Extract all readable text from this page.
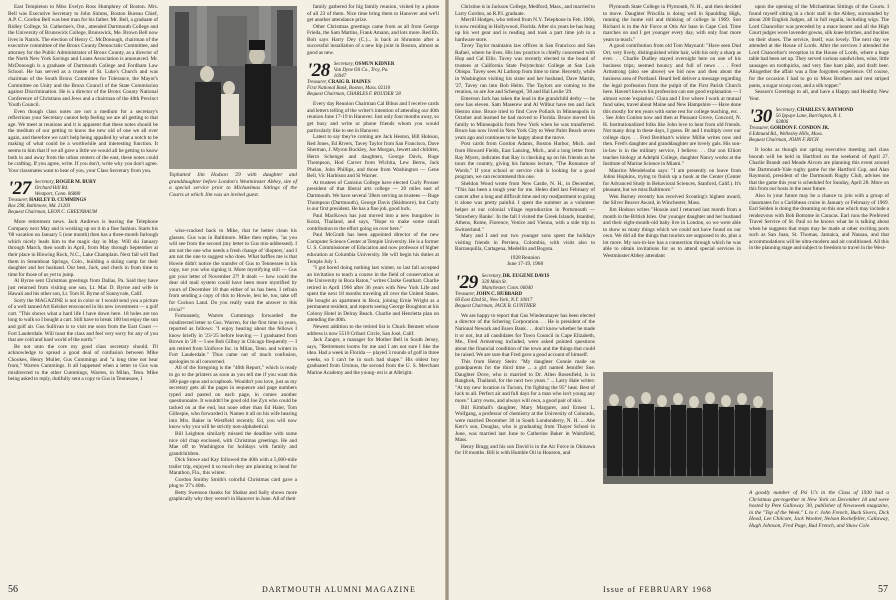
East Templeton to Miss Evelyn Ross Humphrey of Boston. Mrs. Bell was Executive Secretary to John Simms, Boston Bureau Chief, A.P. C. Gordon Bell was best man for his father. Mr. Bell, a graduate of Ridley College, St. Catherine's, Ont., attended Dartmouth College and the University of Brunswick College, Brunswick, Me. Brown Bell now lives in Natick. The election of Henry C. McDonough, chairman of the executive committee of the Bronx County Democratic Committee, and attorney for the Public Administrator of Bronx County, as a director of the North New York Savings and Loans Association is announced. Mr. McDonough is a graduate of Dartmouth College and Fordham Law School. He has served as a trustee of St. Luke's Church and was chairman of the South Bronx Committee for Tolerance, the Mayor's Committee on Unity and the Bronx Council of the State Commission against Discrimination. He is a director of the Bronx County National Conference of Christians and Jews and a chairman of the 40th Precinct Youth Council.

Even though class notes are not a medium for a secretary's reflections your Secretary cannot help feeling we are all getting to that age. We meet at reunions and it is apparent that these notes should be the medium of our getting to know the new old of one we all over again, and therefore we can't help being appalled by what a notch to be making of what could be a worthwhile and interesting function. It seems to him that if we all gave a little we would all be getting to know both in and away from the urban centers of the east, these notes could be crafting. If you agree, write. If you don't, write why you don't agree. Your classmates want to hear of you, your Class Secretary from you.

'27 Secretary, ROGER M. BURY
Orchard Hill Rd.
Westport, Conn. 06880
Treasurer, HARLEY D. CUMMINGS
Box 298, Baltimore, Md. 21203
Bequest Chairman, LEON C. GREENBAUM

More retirement news. Jack Andrews is leaving the Telephone Company next May and is working up on it in a fine fashion. Starts his '68 vacation on January 5 (one month) then has a three-month furlough which nicely leads him to the magic day in May. Will ski January through March, then south in April, from May through September at their place in Blowing Rock, N.C., Lake Champlain. Next fall will find them in Steamboat Springs, Colo., building a skiing camp for their daughter and her husband. Our best, Jack, and check in from time to time for those of us yet to jump.

Al Byrne sent Christmas greetings from Dallas, Pa. Said they have just returned from visiting one son, Lt. Mac D. Byrne and wife in Hawaii and his other son, Lt. Tom H. Byrne of Sunnyvale, Calif.

Sorry the MAGAZINE is not in color or I would send you a picture of a well tanned Art Kelsher ensconced in his new investment — a golf cart. "This shows what a hard life I have down here. 18 holes are too long to walk so I bought a cart. Still have to break 100 but enjoy the sun and golf air. Gus Sullivan is to visit me soon from the East Coast — Fort Lauderdale. Will toast the class and feel very sorry for any of you that are cold and hard world of the north."

Be not unto the core my good class secretary should. I'll acknowledge to spread a good deal of confusion between Mike Chookes, Henry Muller, Gus Cummings and "a long time not hear from," Warren Cummings. It all happened when a letter to Gus was misdirected to the other Cummings, Warren, in Milan, Tenn. Mike being asked to reply, dutifully sent a copy to Gus in Tennessee, I

Tophatted Jim Hodson '29 with daughter and granddaughter before London's Westminster Abbey, site of a special service prior to Michaelmas Sittings of the Courts at which Jim was an invited guest.

wise-cracked back to Mike, that he better clean his glasses. Gus was in Baltimore. Mike then replies, "as you will see from the second (my letter to Gus mis-addressed). I am not the one who needs a fresh change of 'diopters,' and I am not the one to suggest who does. What baffles me is that Howie didn't notice the transfer of Gus to Tennessee in his copy, nor you who signing it. More mystifying still — Gus got your letter of November 27! It dealt — how could the dear old mail system could have been more mystified by yours of December 18 than either of us has been. I refrain from sending a copy of this to Howie, lest he, too, take off for Cuckoo Land. Do you really want the answer to this trivia?"

Fortunately, Warren Cummings forwarded the misdirected letter to Gus. Warren, for the first time in years, reported as follows: "I enjoy hearing about the fellows I know briefly in '23-'25 before leaving — I graduated from Brown in '28 — I see Bob Gilboy in Chicago frequently — I am retired from Uniforce Inc. in Milan, Tenn. and winter in Fort Lauderdale." Thus came out of much confusion, apologies to all concerned.

All of the foregoing is the "40th Report," which is ready to go to the printers as soon as you tell me if you want this 300-page opus and scrapbook. Wouldn't you love, just as my secretary gets all the pages in sequence and page numbers typed and pasted on each page, in comes another questionnaire. It wouldn't be good old Joe Zyn who could be tacked on at the end, but none other than Ed Haier, Tom Gillespie, who forwarded it. Names it all on his wife hearing into Mrs. Baker in Westfield recently. Ed, you will now know why you will be strictly non-alphabetical.

Bill Leighton similarly missed the deadline with some nice old chap enclosed, with Christmas greetings. He and Mae off to Washington for holidays with family and grandchildren.

Dick Stowe and Kay followed the 40th with a 5,000-mile trailer trip, enjoyed it so much they are planning to head for Marathon, Fla., this winter.

Gordon Smithy Smith's colorful Christmas card gave a plug to '27's 40th.

Betty Swenson thanks for Shabar and Sally shows more graphically why they weren't in Hanover in June. All of their

family gathered for big family reunion, visited by a phone of all 23 of them. Nice time bring them to Hanover and we'll get another attendance prize.

Other Christmas greetings came from as all from George Frieda, the Sam Mattins, Frank Amann, and lots more. Red Eh. Bolt says Harry Dey (C.)... is back at Shrunton after a successful installation of a new hip joint in Boston, almost as good as new.

'28 Secretary, OSMUN KIDNER
Van Dyne Oil Co., Troy, Pa.
16947
Treasurer, CRAIG B. HAINES
First National Bank, Boston, Mass. 02110
Bequest Chairman, CHARLES F. ROUDER '28

Every day Reunion Chairman Cal Bibus and I receive cards and letters telling of the writer's intention of attending our 40th reunion June 17-19 in Hanover. Just only four months away, so get busy and write or phone friends whom you would particularly like to see in Hanover.

Latest to say they're coming are Jack Heston, Bill Hobson, Red Jones, Ed Rivers, Tavey Taylor from San Francisco, Dave Sherman, J. Myron Buckley, Joe Morgan, Jewett and children, Herm Schengel and daughters, George Davis, Ruge Thompson, Hod Carver from Wichita, Lew Berns, Jack Phelan, John Phillips, and those from Washington — Gene Bell, Vic Harbison and Si Warner.

At trustees of Canisius College have elected Curly Prosser president of that liberal arts college — 20 miles east of Dartmouth. We have several '28ers serving as trustees — Ruge Thompson (Dartmouth), George Davis (Skidmore), but Curly is our first president. He has a fine job, good luck.

Paul MacKown has just moved into a new bungalow in Korat, Thailand, and says, "Hope to make some small contribution to the effort going on over here."

Paul McGrath has been appointed director of the new Computer Science Center at Temple University. He is a former U. S. Commissioner of Education and now professor of higher education at Columbia University. He will begin his duties at Temple July 1.

"I got bored doing nothing last winter, so last fall accepted an invitation to teach a course in the field of conservation at the University in Boca Raton," writes Clarke Geathart. Charlie retired in April 1966 after 36 years with New York Life and spent the next 18 months traveling all over the United States. He bought an apartment in Boca, joining Ernie Wright as a permanent resident, and reports seeing George Boughton at his Colony Hotel in Delray Beach. Charlie and Henrietta plan on attending the 40th.

Newest addition to the retired list is Chuck Bennett whose address is now 5519 Cribari Circle, San José, Calif.

Jack Zanger, a manager for Mother Bell in South Jersey, says, "Retirement looms for me and I am not sure I like the idea. Had a week in Florida — played 3 rounds of golf in three weeks, so I can't be in such bad shape." His oldest boy graduated from Ursinus, the second from the U. S. Merchant Marine Academy and the young- est is at Albright.

56	DARTMOUTH ALUMNI MAGAZINE

Christine is in Jackson College, Medford, Mass., and married to Larry Gordon, an R.P.I. graduate.

Merrill Hodges, who retired from N.Y. Telephone in Feb. 1966, is now residing in Hollywood, Florida. After six years he has hung up his wet gear and is reading and took a part time job in a hardware store.

Tavey Taylor maintains law offices in San Francisco and San Rafael, where he lives. His law practice is chiefly concerned with Hop and Cal Ellis. Tavey was recently elected to the board of trustees at California State Polytechnic College at San Luis Obispo. Tavey sees Al Lathrop from time to time. Recently, while in Washington visiting his sister and her husband, Dave Martin, '27, Tavey ran into Bob Helm. The Taylors are coming to the reunion, so are Joe and Schengel, '30 and Hal Leslie '29.

Emerson Jack has taken the lead in the grandchild derby — he now has eleven. Sam Maserew and Al Wilbur have ten and Jack Heston nine. Bruce tried to find Cove Pollack in Minneapolis in October and learned he had moved to Florida. Bruce moved his family to Minneapolis from New York when he was transferred. Bruce has now lived in New York City to West Palm Beach seven years ago and continues to be happy about the move.

Post cards from Gordon Adams, Boston Harbor, Mich. and from Howard Fields, East Lansing, Mich., and a long letter from Ray Myers, indicates that Ray is checking up on his friends as he tours the country, giving his famous lecture, "The Romance of Words." If your school or service club is looking for a good program, we can recommend this one.

Sheldon Wood wrote from New Castle, N. H., in December, "This has been a tough year for me. Helen died last February of cancer after a long and difficult time and my readjustment to going it alone was pretty painful. I spent the summer as a volunteer helper at our colonial village reproduction in Portsmouth — 'Strawbery Banke'. In the fall I visited the Greek Islands, Istanbul, Athens, Rome, Florence, Venice and Vienna, with a side trip to Switzerland."

Mary and I and our two younger sons spent the holidays visiting friends in Perriera, Colombia, with visits also to Barranquilla, Cartagena, Medellin and Bogota.

1928 Reunion
June 17-19, 1968
'29 Secretary, DR. EUGENE DAVIS
320 Main St.
Manchester, Conn. 06040
Treasurer, JOHN C. HUBBARD
60 East 42nd St., New York, N.Y. 10017
Bequest Chairman, JACK B. GUNTHER

We are happy to report that Gus Wiedenmayer has been elected a director of the Schering Corporation. . . He is president of the National Newark and Essex Bank . . . don't know whether he made it or not, but all candidates for Town Council in Cape Elizabeth, Me., Fred Armstrong included, were asked pointed questions about the financial condition of the town and the things that could be raised. We are sure that Fred gave a good account of himself.

This from Henry Stein: "My daughter Connie made us grandparents for the third time ... a girl named Jennifer Sue. Daughter Dove, who is married to Dr. Allen Rosenfield, is in Bangkok, Thailand, for the next two years." ... Larry Hale writes: "At my new location in Tucson, I'm fighting the 95° heat. Best of luck to all. Perfect air and full days for a man who isn't young any more." Larry owns, and always will own, a good pair of skis.

Bill Kimball's daughter, Mary Margaret, and Ernest L. Wolfgang, a professor of chemistry at the University of Colorado, were married December 30 in South Londonderry, N. H. ... Abe Kerr's son, Douglas, who is graduating from Thayer School in June, was married last June to Catherine Baker in Waitsfield, Mass.

Henry Bragg and his son David is in the Air Force in Okinawa for 18 months. Bill is with Humble Oil in Houston, and

Plymouth State College in Plymouth, N. H., and then decided to move. Daughter Priscilla is doing well in Spaulding High, running the home roll and thinking of college in 1969. Son Richard is in the Air Force at Otis Air base in Cape Cod. Time marches on and I get younger every day, with only four more years to teach."

A good contribution from old Tom Maynard: "Have seen Dud Orr, very lively, distinguished white hair, with his only a sharp as ever. . . Charlie Dudley stayed overnight here on one of his business trips; seemed bouncy and full of news . . . Fred Armstrong (also see above) we bid now and then about the business area of Portland. Heard bell deliver a message regarding the legal profession from the pulpit of the First Parish Church here. Haven't known his profession can use good explanation — I almost wrote 'expiation.' Clara and I live where I work at mutual fund sales, travel about Maine and New Hampshire — Have done this mostly for ten years with some rest for college teaching, etc. . . See John Conlon now and then at Pleasant Grove, Concord, N. H. Institutionalized folks like John love to hear from old friends. Not many drop in these days, I guess. Br and I multiply over our college days. . . Fred Breithart's widow Millie writes now and then. Fred's daughter and granddaughter are lovely gals. His son-in-law is in the military service, I believe. . . Our son Elliott teaches biology at Adelphi College, daughter Nancy works at the Institute of Marine Science in Miami."

Maurice Mendelsohn says: "I am presently on leave from Johns Hopkins, trying to finish up a book at the Center (Center for Advanced Study in Behavioral Sciences, Stanford, Calif.). It's pleasant, but we miss Baltimore."

Wen Barney recently has received Scouting's highest award, the Silver Beaver Award, in Winchester, Mass.

Jim Hodson writes "Housie and I returned last month from a month in the British Isles. Our younger daughter and her husband and their eight-month-old baby live in London, so we were able to show us many things which we could not have found on our own. We did all the things that tourists are supposed to do, plus a lot more. My son-in-law has a connection through which he was able to obtain invitations for us to attend special services in Westminster Abbey attendant

upon the opening of the Michaelmas Sittings of the Courts. I found myself sitting in a choir stall in the Abbey, surrounded by about 200 English Judges, all in full regalia, including wigs. The Lord Chancellor was preceded by a mace bearer and all the High Court judges wore lavender gowns, silk knee britches, and buckles on their shoes. The service, itself, was lovely. The next day we attended at the House of Lords. After the services I attended the Lord Chancellor's reception in the House of Lords, where a huge table had been set up. They served various sandwiches, wine, little sausages on toothpicks, and very fine ham pâté, and draft beer. Altogether the affair was a fine forgotten experience. Of course, for the occasion I had to go to Moss Brothers and rent striped pants, a sugar scoop coat, and a silk topper."

Season's Greetings to all, and have a Happy and Healthy New Year.

'30 Secretary, CHARLES V. RAYMOND
56 Ippaye Lane, Barrington, R. I.
02806
Treasurer, GORDON F. CONDON JR.
6 Edmund Rd., Wellesley Hills, Mass.
Bequest Chairman, JOHN F. RICH

It looks as though our spring executive meeting and class hoorah will be held in Hartford on the weekend of April 27. Charlie Brandt and Meade Alcorn are planning this event around the Dartmouth-Yale rugby game for the Hartford Cup, and Alan Raymond, president of the Dartmouth Rugby Club, advises me that the game this year is scheduled for Sunday, April 28. More on this from our hosts in the near future.

Also in your future may be a chance to join with a group of classmates for a Caribbean cruise in January or February of 1969. Earl Selden is doing the dreaming on this one which may include a rendezvous with Bob Bottome in Caracas. Earl runs the Preferred Travel Service of St. Paul so he knows what he is talking about when he suggests that stops may be made at other exciting ports such as San Juan, St. Thomas, Jamaica, and Nassau, and that accommodations will be ultra-modern and air conditioned. All this in the planning stage and subject to freedom to travel in the West-

A goodly number of Psi U's in the Class of 1930 had a Christmas get-together in New York on December 18 and were hosted by Pete Galloway '30, publisher of Newsweek magazine, in the "Top of the Week." L to r: John French, Buck Sivers, Dick Hood, Lee Chilcote, Jack Wootter, Nelson Rockefeller, Callaway, Hugh Johnson, Fred Page, Bud French, and Shaw Cole.
Issue of FEBRUARY 1968	57
